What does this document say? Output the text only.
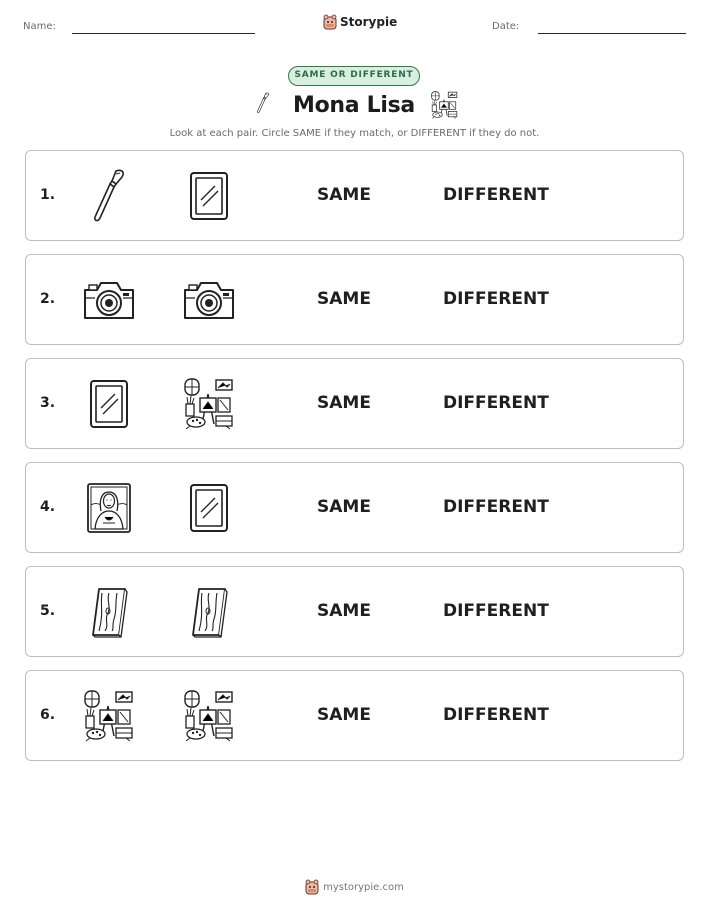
Name:	Storypie	Date:
SAME OR DIFFERENT
Mona Lisa
Look at each pair. Circle SAME if they match, or DIFFERENT if they do not.
1.	SAME	DIFFERENT
2.	SAME	DIFFERENT
3.	SAME	DIFFERENT
4.	SAME	DIFFERENT
5.	SAME	DIFFERENT
6.	SAME	DIFFERENT
mystorypie.com
